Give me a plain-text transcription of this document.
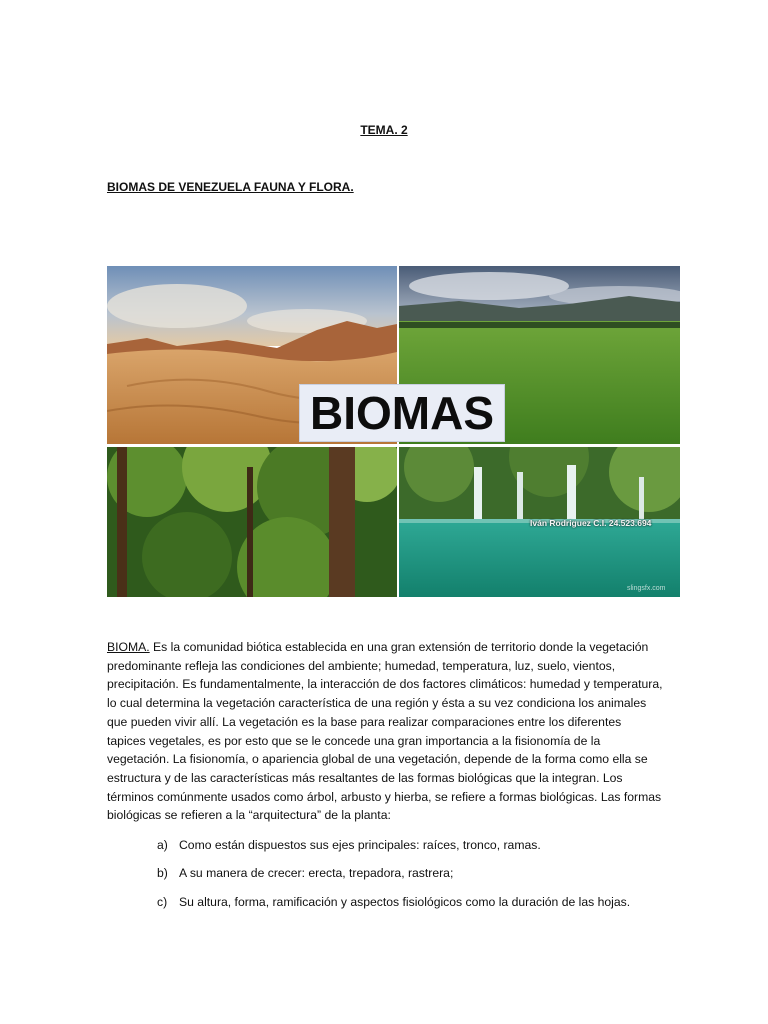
TEMA. 2
BIOMAS DE VENEZUELA FAUNA Y FLORA.
BIOMAS
Iván Rodriguez C.I. 24.523.694
slingsfx.com

BIOMA. Es la comunidad biótica establecida en una gran extensión de territorio donde la vegetación predominante refleja las condiciones del ambiente; humedad, temperatura, luz, suelo, vientos, precipitación. Es fundamentalmente, la interacción de dos factores climáticos: humedad y temperatura, lo cual determina la vegetación característica de una región y ésta a su vez condiciona los animales que pueden vivir allí. La vegetación es la base para realizar comparaciones entre los diferentes tapices vegetales, es por esto que se le concede una gran importancia a la fisionomía de la vegetación. La fisionomía, o apariencia global de una vegetación, depende de la forma como ella se estructura y de las características más resaltantes de las formas biológicas que la integran. Los términos comúnmente usados como árbol, arbusto y hierba, se refiere a formas biológicas. Las formas biológicas se refieren a la “arquitectura” de la planta:

a) Como están dispuestos sus ejes principales: raíces, tronco, ramas.

b) A su manera de crecer: erecta, trepadora, rastrera;

c) Su altura, forma, ramificación y aspectos fisiológicos como la duración de las hojas.
